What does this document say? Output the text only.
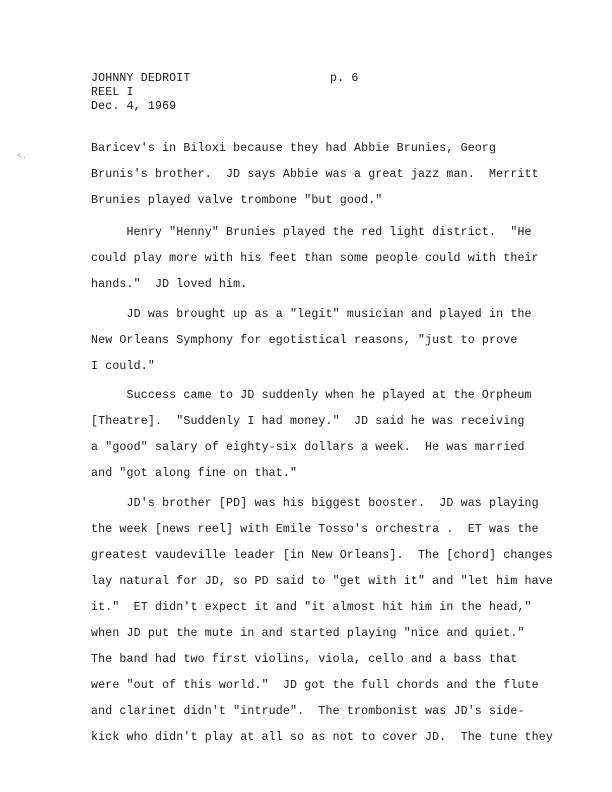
JOHNNY DEDROIT	p. 6
REEL I
Dec. 4, 1969
<.
Baricev's in Biloxi because they had Abbie Brunies, Georg
Brunis's brother.  JD says Abbie was a great jazz man.  Merritt
Brunies played valve trombone "but good."
Henry "Henny" Brunies played the red light district.  "He
could play more with his feet than some people could with their
hands."  JD loved him.
JD was brought up as a "legit" musician and played in the
New Orleans Symphony for egotistical reasons, "just to prove
I could."
Success came to JD suddenly when he played at the Orpheum
[Theatre].  "Suddenly I had money."  JD said he was receiving
a "good" salary of eighty-six dollars a week.  He was married
and "got along fine on that."
JD's brother [PD] was his biggest booster.  JD was playing
the week [news reel] with Emile Tosso's orchestra .  ET was the
greatest vaudeville leader [in New Orleans].  The [chord] changes
lay natural for JD, so PD said to "get with it" and "let him have
it."  ET didn't expect it and "it almost hit him in the head,"
when JD put the mute in and started playing "nice and quiet."
The band had two first violins, viola, cello and a bass that
were "out of this world."  JD got the full chords and the flute
and clarinet didn't "intrude".  The trombonist was JD's side-
kick who didn't play at all so as not to cover JD.  The tune they
